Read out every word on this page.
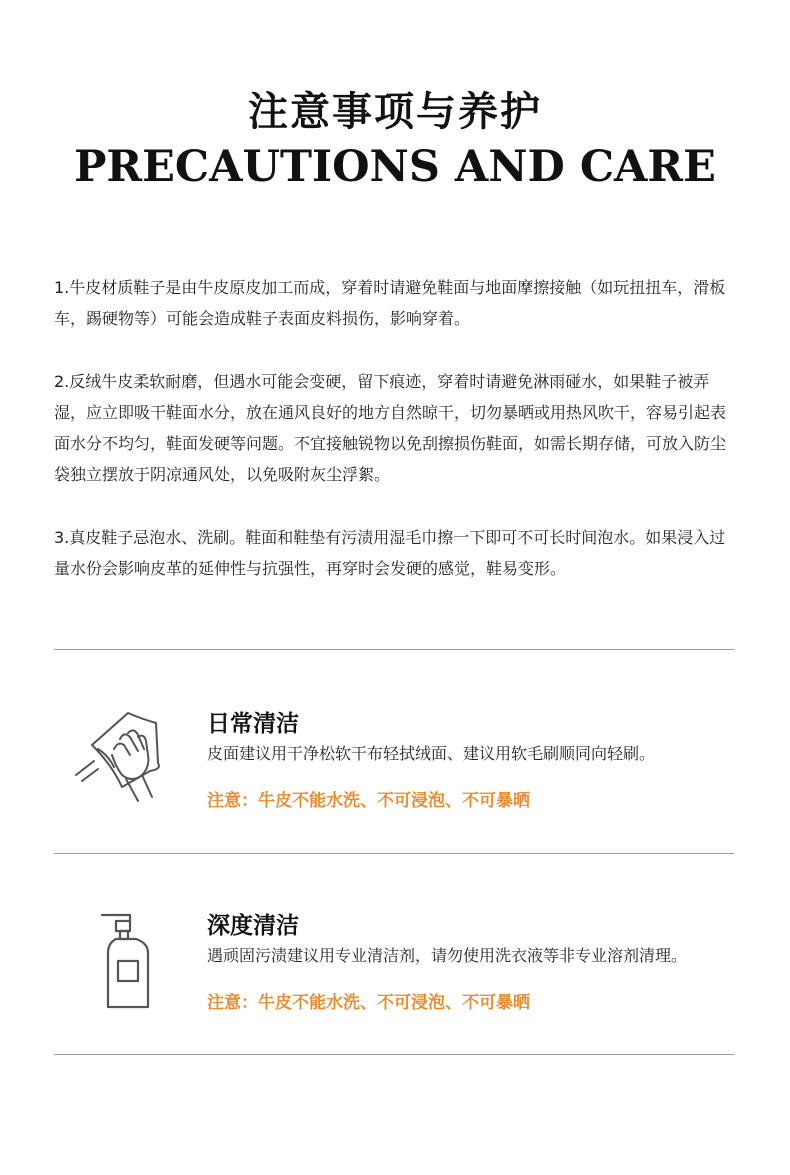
注意事项与养护
PRECAUTIONS AND CARE

1.牛皮材质鞋子是由牛皮原皮加工而成，穿着时请避免鞋面与地面摩擦接触（如玩扭扭车，滑板车，踢硬物等）可能会造成鞋子表面皮料损伤，影响穿着。

2.反绒牛皮柔软耐磨，但遇水可能会变硬，留下痕迹，穿着时请避免淋雨碰水，如果鞋子被弄湿，应立即吸干鞋面水分，放在通风良好的地方自然晾干，切勿暴晒或用热风吹干，容易引起表面水分不均匀，鞋面发硬等问题。不宜接触锐物以免刮擦损伤鞋面，如需长期存储，可放入防尘袋独立摆放于阴凉通风处，以免吸附灰尘浮絮。

3.真皮鞋子忌泡水、洗刷。鞋面和鞋垫有污渍用湿毛巾擦一下即可不可长时间泡水。如果浸入过量水份会影响皮革的延伸性与抗强性，再穿时会发硬的感觉，鞋易变形。

日常清洁
皮面建议用干净松软干布轻拭绒面、建议用软毛刷顺同向轻刷。
注意：牛皮不能水洗、不可浸泡、不可暴晒
深度清洁
遇顽固污渍建议用专业清洁剂，请勿使用洗衣液等非专业溶剂清理。
注意：牛皮不能水洗、不可浸泡、不可暴晒
